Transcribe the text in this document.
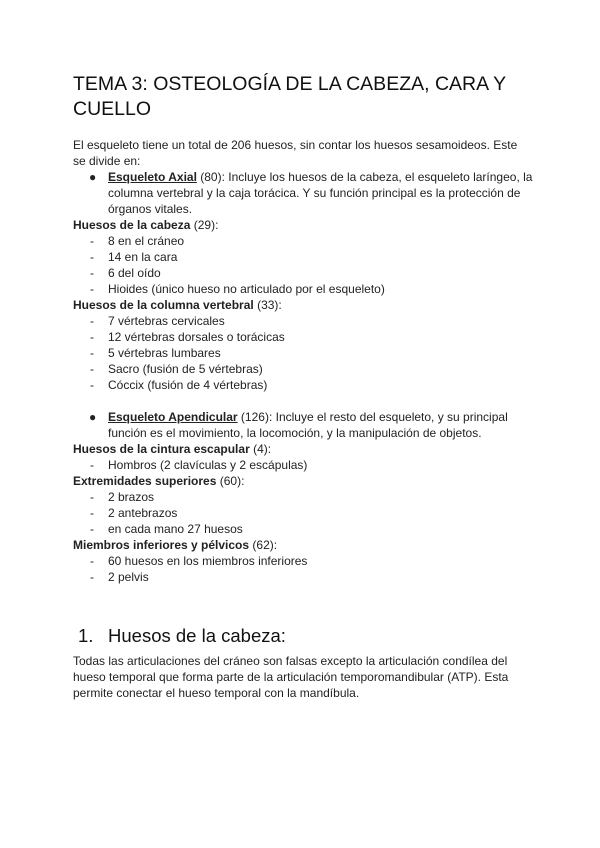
TEMA 3: OSTEOLOGÍA DE LA CABEZA, CARA Y CUELLO

El esqueleto tiene un total de 206 huesos, sin contar los huesos sesamoideos. Este se divide en:

● Esqueleto Axial (80): Incluye los huesos de la cabeza, el esqueleto laríngeo, la columna vertebral y la caja torácica. Y su función principal es la protección de órganos vitales.

Huesos de la cabeza (29):

- 8 en el cráneo
- 14 en la cara
- 6 del oído
- Hioides (único hueso no articulado por el esqueleto)

Huesos de la columna vertebral (33):

- 7 vértebras cervicales
- 12 vértebras dorsales o torácicas
- 5 vértebras lumbares
- Sacro (fusión de 5 vértebras)
- Cóccix (fusión de 4 vértebras)

● Esqueleto Apendicular (126): Incluye el resto del esqueleto, y su principal función es el movimiento, la locomoción, y la manipulación de objetos.

Huesos de la cintura escapular (4):

- Hombros (2 clavículas y 2 escápulas)

Extremidades superiores (60):

- 2 brazos
- 2 antebrazos
- en cada mano 27 huesos

Miembros inferiores y pélvicos (62):

- 60 huesos en los miembros inferiores
- 2 pelvis
1. Huesos de la cabeza:

Todas las articulaciones del cráneo son falsas excepto la articulación condílea del hueso temporal que forma parte de la articulación temporomandibular (ATP). Esta permite conectar el hueso temporal con la mandíbula.
